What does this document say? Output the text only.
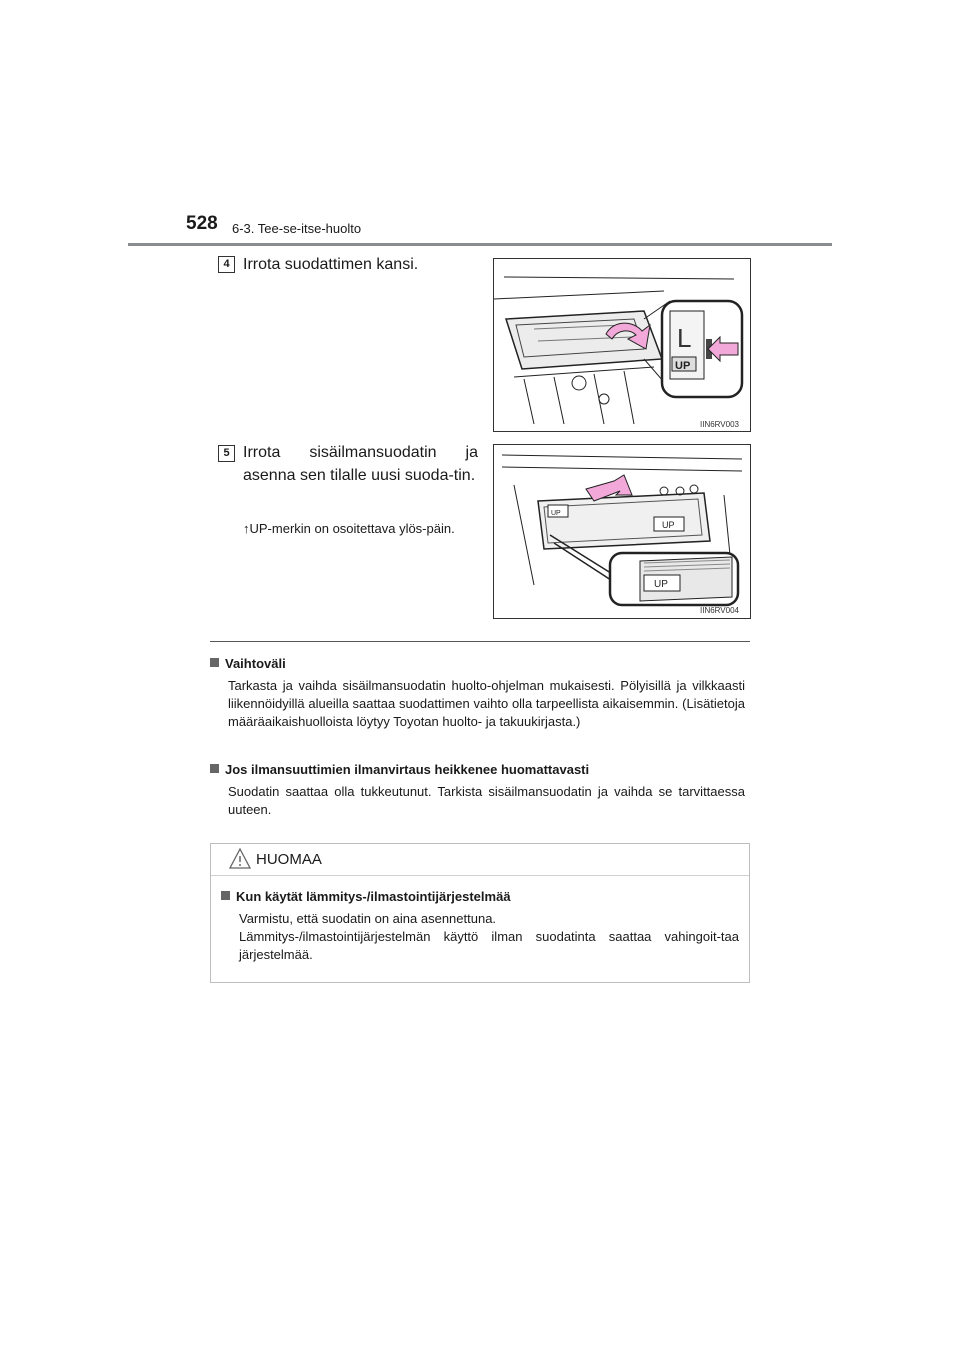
528 6-3. Tee-se-itse-huolto
4 Irrota suodattimen kansi.
L
UP
IIN6RV003
5 Irrota sisäilmansuodatin ja asenna sen tilalle uusi suoda-tin.
↑UP-merkin on osoitettava ylös-päin.
UP
UP
UP
IIN6RV004
Vaihtoväli
Tarkasta ja vaihda sisäilmansuodatin huolto-ohjelman mukaisesti. Pölyisillä ja vilkkaasti liikennöidyillä alueilla saattaa suodattimen vaihto olla tarpeellista aikaisemmin. (Lisätietoja määräaikaishuolloista löytyy Toyotan huolto- ja takuukirjasta.)
Jos ilmansuuttimien ilmanvirtaus heikkenee huomattavasti
Suodatin saattaa olla tukkeutunut. Tarkista sisäilmansuodatin ja vaihda se tarvittaessa uuteen.
HUOMAA
Kun käytät lämmitys-/ilmastointijärjestelmää
Varmistu, että suodatin on aina asennettuna.
Lämmitys-/ilmastointijärjestelmän käyttö ilman suodatinta saattaa vahingoit-taa järjestelmää.
